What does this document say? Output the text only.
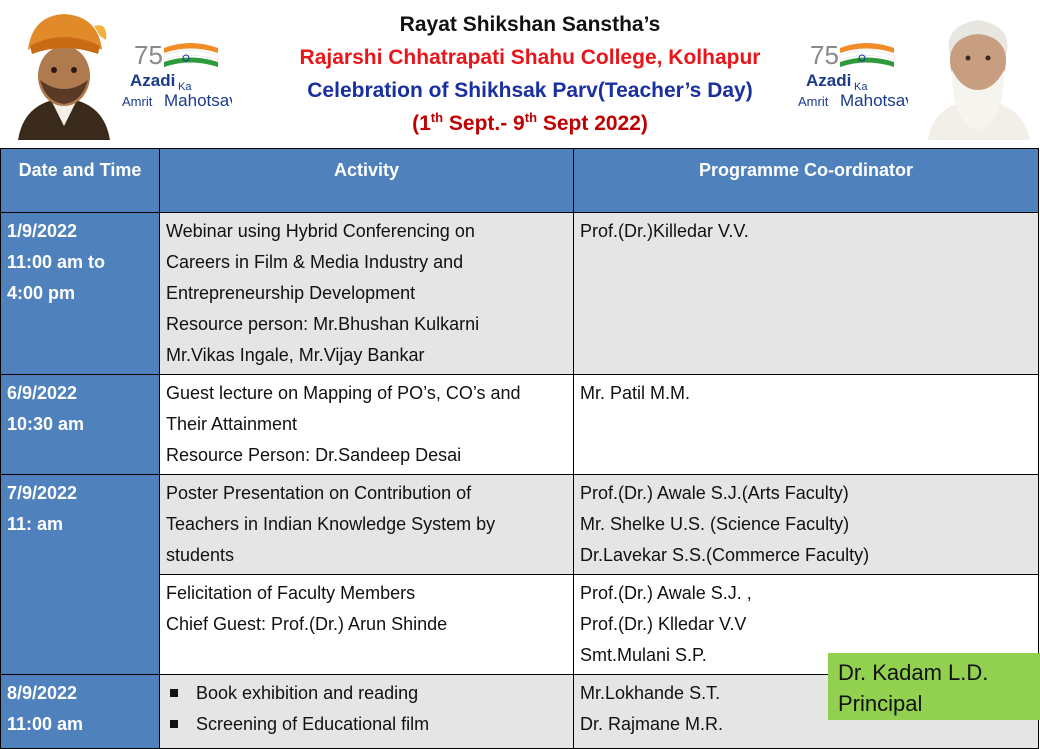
75
Azadi Ka
Amrit Mahotsav
Rayat Shikshan Sanstha’s
Rajarshi Chhatrapati Shahu College, Kolhapur
Celebration of Shikhsak Parv(Teacher’s Day)
(1th Sept.- 9th Sept 2022)
75
Azadi Ka
Amrit Mahotsav
Date and Time	Activity	Programme Co-ordinator

1/9/2022
11:00 am to
4:00 pm	Webinar using Hybrid Conferencing on
Careers in Film & Media Industry and
Entrepreneurship Development
Resource person: Mr.Bhushan Kulkarni
Mr.Vikas Ingale, Mr.Vijay Bankar	Prof.(Dr.)Killedar V.V.

6/9/2022
10:30 am	Guest lecture on Mapping of PO’s, CO’s and
Their Attainment
Resource Person: Dr.Sandeep Desai	Mr. Patil M.M.

7/9/2022
11: am	Poster Presentation on Contribution of
Teachers in Indian Knowledge System by
students	Prof.(Dr.) Awale S.J.(Arts Faculty)
Mr. Shelke U.S. (Science Faculty)
Dr.Lavekar S.S.(Commerce Faculty)

	Felicitation of Faculty Members
Chief Guest: Prof.(Dr.) Arun Shinde	Prof.(Dr.) Awale S.J. ,
Prof.(Dr.) Klledar V.V
Smt.Mulani S.P.

8/9/2022
11:00 am	Book exhibition and reading
Screening of Educational film	Mr.Lokhande S.T.
Dr. Rajmane M.R.
Dr. Kadam L.D.
Principal
